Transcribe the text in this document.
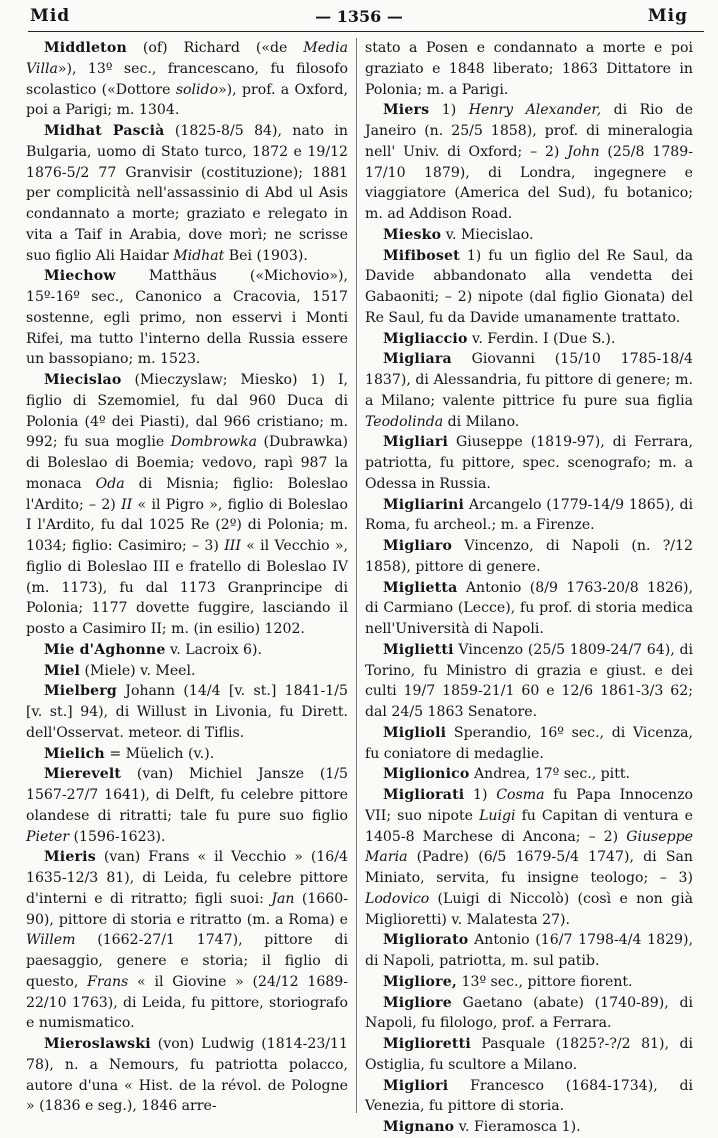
Mid	— 1356 —	Mig

Middleton (of) Richard («de Media Villa»), 13º sec., francescano, fu filosofo scolastico («Dottore solido»), prof. a Oxford, poi a Parigi; m. 1304.

Midhat Pascià (1825-8/5 84), nato in Bulgaria, uomo di Stato turco, 1872 e 19/12 1876-5/2 77 Granvisir (costituzione); 1881 per complicità nell'assassinio di Abd ul Asis condannato a morte; graziato e relegato in vita a Taif in Arabia, dove morì; ne scrisse suo figlio Ali Haidar Midhat Bei (1903).

Miechow Matthäus («Michovio»), 15º-16º sec., Canonico a Cracovia, 1517 sostenne, egli primo, non esservi i Monti Rifei, ma tutto l'interno della Russia essere un bassopiano; m. 1523.

Miecislao (Mieczyslaw; Miesko) 1) I, figlio di Szemomiel, fu dal 960 Duca di Polonia (4º dei Piasti), dal 966 cristiano; m. 992; fu sua moglie Dombrowka (Dubrawka) di Boleslao di Boemia; vedovo, rapì 987 la monaca Oda di Misnia; figlio: Boleslao l'Ardito; – 2) II « il Pigro », figlio di Boleslao I l'Ardito, fu dal 1025 Re (2º) di Polonia; m. 1034; figlio: Casimiro; – 3) III « il Vecchio », figlio di Boleslao III e fratello di Boleslao IV (m. 1173), fu dal 1173 Granprincipe di Polonia; 1177 dovette fuggire, lasciando il posto a Casimiro II; m. (in esilio) 1202.

Mie d'Aghonne v. Lacroix 6).

Miel (Miele) v. Meel.

Mielberg Johann (14/4 [v. st.] 1841-1/5 [v. st.] 94), di Willust in Livonia, fu Dirett. dell'Osservat. meteor. di Tiflis.

Mielich = Müelich (v.).

Mierevelt (van) Michiel Jansze (1/5 1567-27/7 1641), di Delft, fu celebre pittore olandese di ritratti; tale fu pure suo figlio Pieter (1596-1623).

Mieris (van) Frans « il Vecchio » (16/4 1635-12/3 81), di Leida, fu celebre pittore d'interni e di ritratto; figli suoi: Jan (1660-90), pittore di storia e ritratto (m. a Roma) e Willem (1662-27/1 1747), pittore di paesaggio, genere e storia; il figlio di questo, Frans « il Giovine » (24/12 1689-22/10 1763), di Leida, fu pittore, storiografo e numismatico.

Mieroslawski (von) Ludwig (1814-23/11 78), n. a Nemours, fu patriotta polacco, autore d'una « Hist. de la révol. de Pologne » (1836 e seg.), 1846 arre-

stato a Posen e condannato a morte e poi graziato e 1848 liberato; 1863 Dittatore in Polonia; m. a Parigi.

Miers 1) Henry Alexander, di Rio de Janeiro (n. 25/5 1858), prof. di mineralogia nell' Univ. di Oxford; – 2) John (25/8 1789-17/10 1879), di Londra, ingegnere e viaggiatore (America del Sud), fu botanico; m. ad Addison Road.

Miesko v. Miecislao.

Mifiboset 1) fu un figlio del Re Saul, da Davide abbandonato alla vendetta dei Gabaoniti; – 2) nipote (dal figlio Gionata) del Re Saul, fu da Davide umanamente trattato.

Migliaccio v. Ferdin. I (Due S.).

Migliara Giovanni (15/10 1785-18/4 1837), di Alessandria, fu pittore di genere; m. a Milano; valente pittrice fu pure sua figlia Teodolinda di Milano.

Migliari Giuseppe (1819-97), di Ferrara, patriotta, fu pittore, spec. scenografo; m. a Odessa in Russia.

Migliarini Arcangelo (1779-14/9 1865), di Roma, fu archeol.; m. a Firenze.

Migliaro Vincenzo, di Napoli (n. ?/12 1858), pittore di genere.

Miglietta Antonio (8/9 1763-20/8 1826), di Carmiano (Lecce), fu prof. di storia medica nell'Università di Napoli.

Miglietti Vincenzo (25/5 1809-24/7 64), di Torino, fu Ministro di grazia e giust. e dei culti 19/7 1859-21/1 60 e 12/6 1861-3/3 62; dal 24/5 1863 Senatore.

Miglioli Sperandio, 16º sec., di Vicenza, fu coniatore di medaglie.

Miglionico Andrea, 17º sec., pitt.

Migliorati 1) Cosma fu Papa Innocenzo VII; suo nipote Luigi fu Capitan di ventura e 1405-8 Marchese di Ancona; – 2) Giuseppe Maria (Padre) (6/5 1679-5/4 1747), di San Miniato, servita, fu insigne teologo; – 3) Lodovico (Luigi di Niccolò) (così e non già Miglioretti) v. Malatesta 27).

Migliorato Antonio (16/7 1798-4/4 1829), di Napoli, patriotta, m. sul patib.

Migliore, 13º sec., pittore fiorent.

Migliore Gaetano (abate) (1740-89), di Napoli, fu filologo, prof. a Ferrara.

Miglioretti Pasquale (1825?-?/2 81), di Ostiglia, fu scultore a Milano.

Migliori Francesco (1684-1734), di Venezia, fu pittore di storia.

Mignano v. Fieramosca 1).
